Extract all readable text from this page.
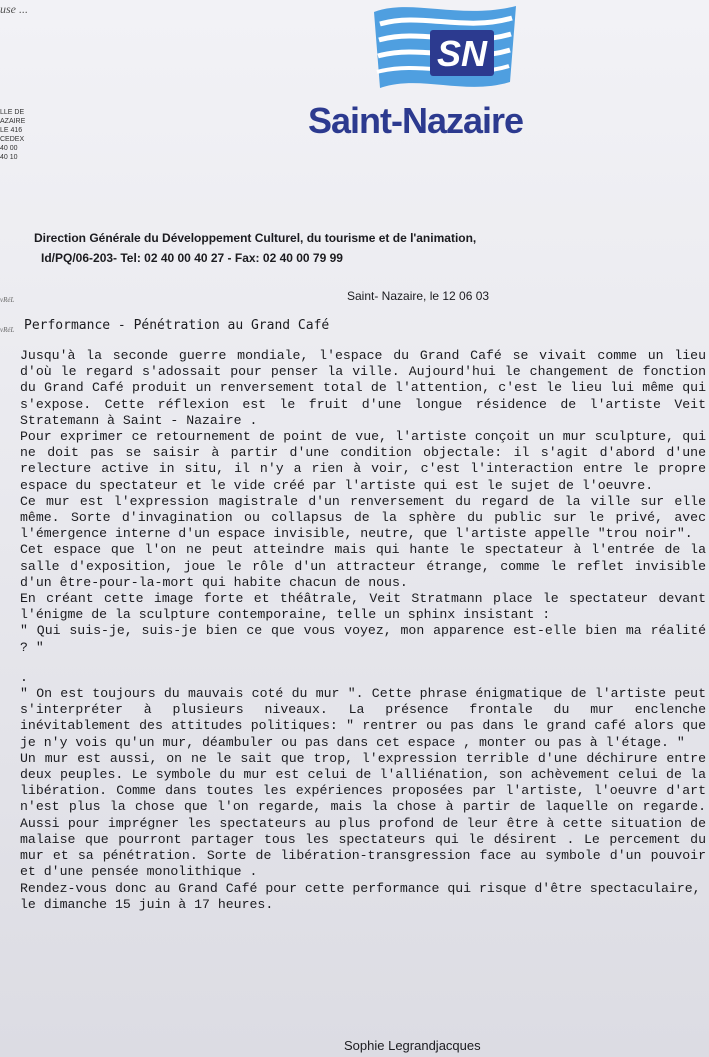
use ...
LLE DE
AZAIRE
LE 416
CEDEX
40 00
40 10
vRéL
vRéL
SN
Saint-Nazaire
Direction Générale du Développement Culturel, du tourisme et de l'animation,
Id/PQ/06-203- Tel: 02 40 00 40 27 - Fax: 02 40 00 79 99
Saint- Nazaire, le 12 06 03
Performance - Pénétration au Grand Café

Jusqu'à la seconde guerre mondiale, l'espace du Grand Café se vivait comme un lieu d'où le regard s'adossait pour penser la ville. Aujourd'hui le changement de fonction du Grand Café produit un renversement total de l'attention, c'est le lieu lui même qui s'expose. Cette réflexion est le fruit d'une longue résidence de l'artiste Veit Stratemann à Saint - Nazaire .

Pour exprimer ce retournement de point de vue, l'artiste conçoit un mur sculpture, qui ne doit pas se saisir à partir d'une condition objectale: il s'agit d'abord d'une relecture active in situ, il n'y a rien à voir, c'est l'interaction entre le propre espace du spectateur et le vide créé par l'artiste qui est le sujet de l'oeuvre.

Ce mur est l'expression magistrale d'un renversement du regard de la ville sur elle même. Sorte d'invagination ou collapsus de la sphère du public sur le privé, avec l'émergence interne d'un espace invisible, neutre, que l'artiste appelle "trou noir".

Cet espace que l'on ne peut atteindre mais qui hante le spectateur à l'entrée de la salle d'exposition, joue le rôle d'un attracteur étrange, comme le reflet invisible d'un être-pour-la-mort qui habite chacun de nous.

En créant cette image forte et théâtrale, Veit Stratmann place le spectateur devant l'énigme de la sculpture contemporaine, telle un sphinx insistant :

" Qui suis-je, suis-je bien ce que vous voyez, mon apparence est-elle bien ma réalité ? "

.

" On est toujours du mauvais coté du mur ". Cette phrase énigmatique de l'artiste peut s'interpréter à plusieurs niveaux. La présence frontale du mur enclenche inévitablement des attitudes politiques: " rentrer ou pas dans le grand café alors que je n'y vois qu'un mur, déambuler ou pas dans cet espace , monter ou pas à l'étage. "

Un mur est aussi, on ne le sait que trop, l'expression terrible d'une déchirure entre deux peuples. Le symbole du mur est celui de l'alliénation, son achèvement celui de la libération. Comme dans toutes les expériences proposées par l'artiste, l'oeuvre d'art n'est plus la chose que l'on regarde, mais la chose à partir de laquelle on regarde. Aussi pour imprégner les spectateurs au plus profond de leur être à cette situation de malaise que pourront partager tous les spectateurs qui le désirent . Le percement du mur et sa pénétration. Sorte de libération-transgression face au symbole d'un pouvoir et d'une pensée monolithique .

Rendez-vous donc au Grand Café pour cette performance qui risque d'être spectaculaire,

le dimanche 15 juin à 17 heures.

Sophie Legrandjacques
